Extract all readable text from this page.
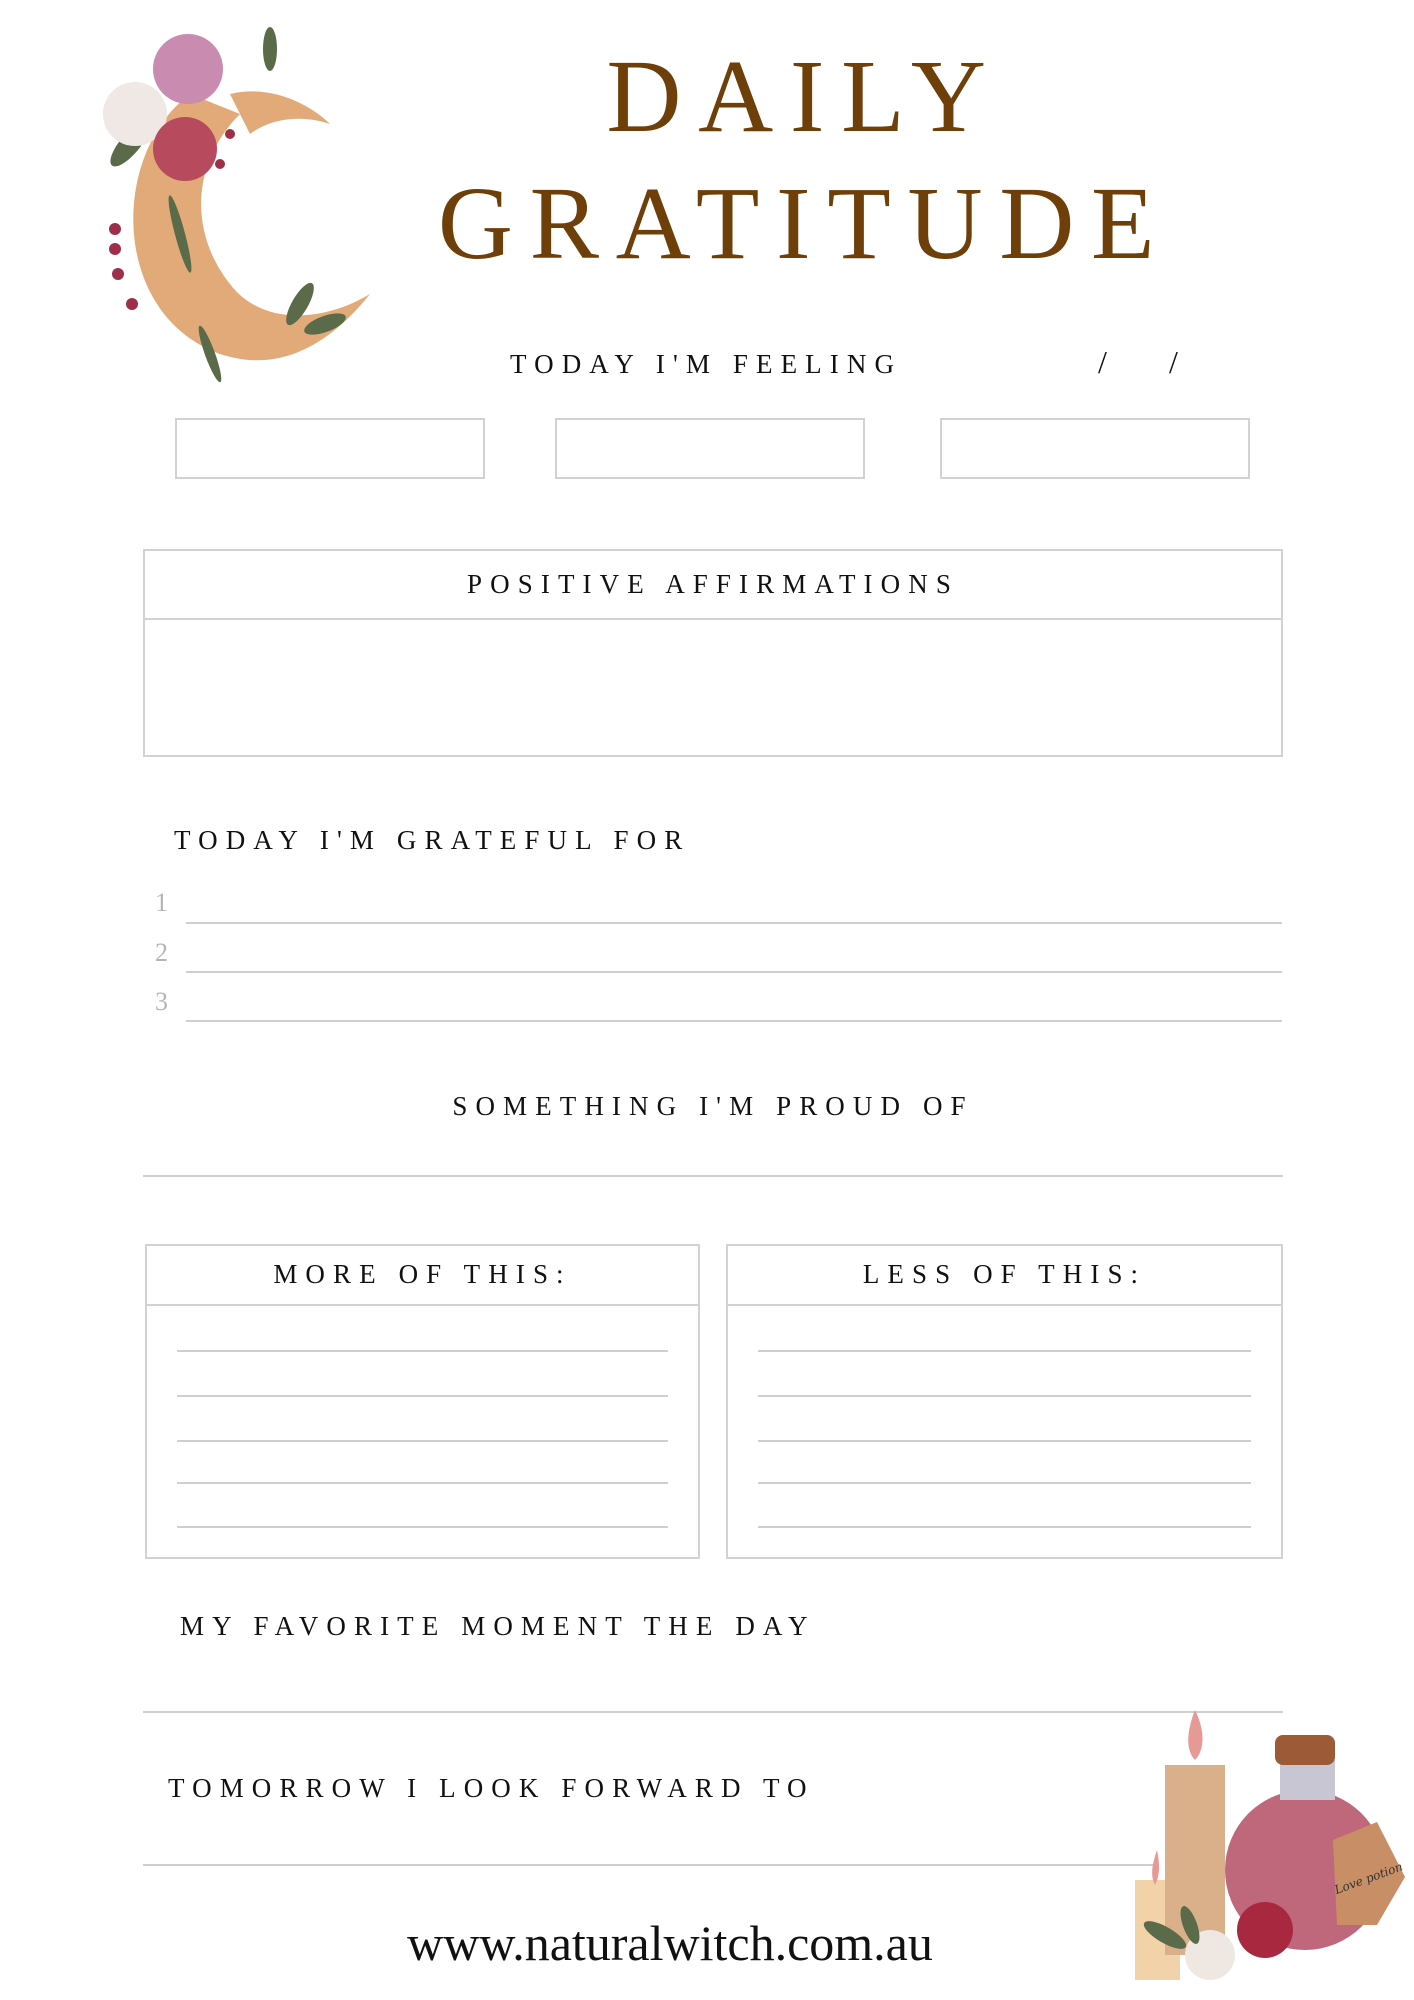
DAILY
GRATITUDE
TODAY I'M FEELING	/ /
POSITIVE AFFIRMATIONS
TODAY I'M GRATEFUL FOR
1
2
3
SOMETHING I'M PROUD OF
MORE OF THIS:	LESS OF THIS:
MY FAVORITE MOMENT THE DAY
TOMORROW I LOOK FORWARD TO
www.naturalwitch.com.au
Love potion
